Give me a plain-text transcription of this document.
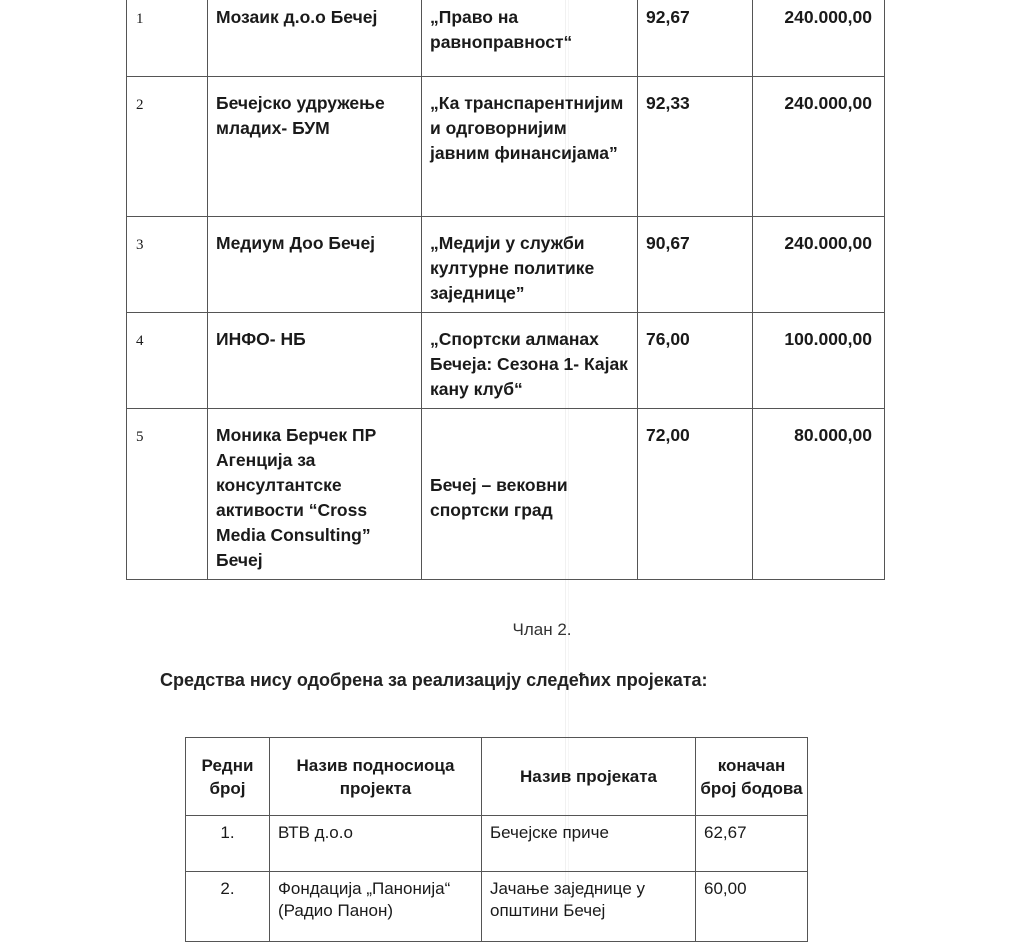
1	Мозаик д.о.о Бечеј	„Право на равноправност“	92,67	240.000,00
2	Бечејско удружење младих- БУМ	„Ка транспарентнијим и одговорнијим јавним финансијама”	92,33	240.000,00
3	Медиум Доо Бечеј	„Медији у служби културне политике заједнице”	90,67	240.000,00
4	ИНФО- НБ	„Спортски алманах Бечеја: Сезона 1- Кајак кану клуб“	76,00	100.000,00
5	Моника Берчек ПР Агенција за консултантске активости “Cross Media Consulting” Бечеј	Бечеј – вековни спортски град	72,00	80.000,00
Члан 2.
Средства нису одобрена за реализацију следећих пројеката:
Редни број	Назив подносиоца пројекта	Назив пројеката	коначан број бодова
1.	ВТВ д.о.о	Бечејске приче	62,67
2.	Фондација „Панонија“ (Радио Панон)	Јачање заједнице у општини Бечеј	60,00
